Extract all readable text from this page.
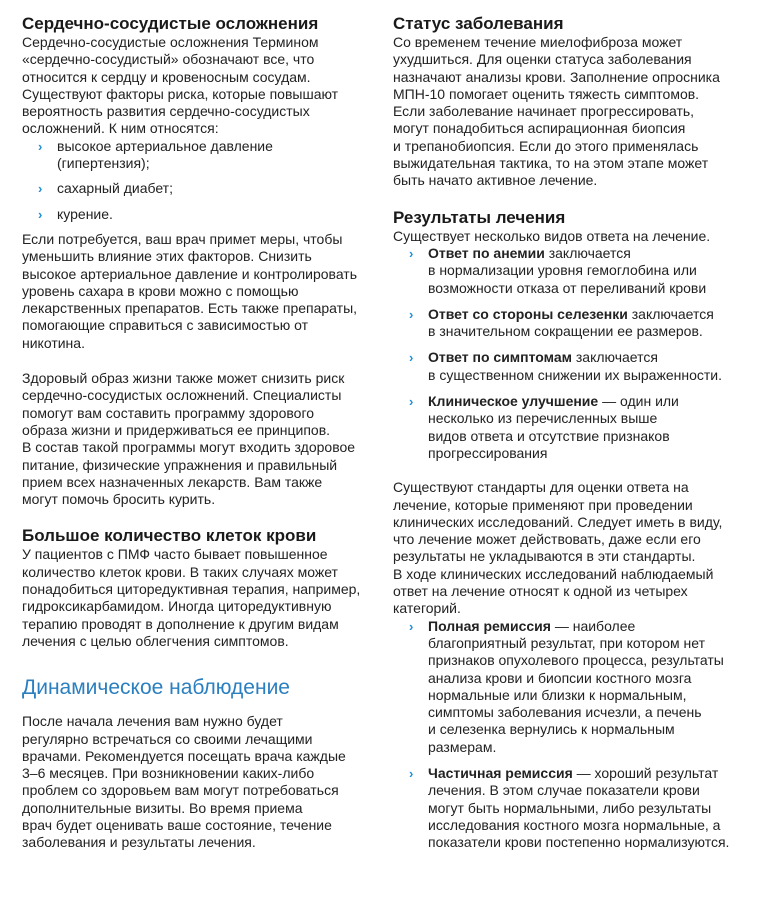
Сердечно-сосудистые осложнения

Сердечно-сосудистые осложнения Термином
«сердечно-сосудистый» обозначают все, что
относится к сердцу и кровеносным сосудам.
Существуют факторы риска, которые повышают
вероятность развития сердечно-сосудистых
осложнений. К ним относятся:

› высокое артериальное давление
(гипертензия);
› сахарный диабет;
› курение.

Если потребуется, ваш врач примет меры, чтобы
уменьшить влияние этих факторов. Снизить
высокое артериальное давление и контролировать
уровень сахара в крови можно с помощью
лекарственных препаратов. Есть также препараты,
помогающие справиться с зависимостью от
никотина.

Здоровый образ жизни также может снизить риск
сердечно-сосудистых осложнений. Специалисты
помогут вам составить программу здорового
образа жизни и придерживаться ее принципов.
В состав такой программы могут входить здоровое
питание, физические упражнения и правильный
прием всех назначенных лекарств. Вам также
могут помочь бросить курить.

Большое количество клеток крови

У пациентов с ПМФ часто бывает повышенное
количество клеток крови. В таких случаях может
понадобиться циторедуктивная терапия, например,
гидроксикарбамидом. Иногда циторедуктивную
терапию проводят в дополнение к другим видам
лечения с целью облегчения симптомов.

Динамическое наблюдение

После начала лечения вам нужно будет
регулярно встречаться со своими лечащими
врачами. Рекомендуется посещать врача каждые
3–6 месяцев. При возникновении каких-либо
проблем со здоровьем вам могут потребоваться
дополнительные визиты. Во время приема
врач будет оценивать ваше состояние, течение
заболевания и результаты лечения.

Статус заболевания

Со временем течение миелофиброза может
ухудшиться. Для оценки статуса заболевания
назначают анализы крови. Заполнение опросника
МПН-10 помогает оценить тяжесть симптомов.
Если заболевание начинает прогрессировать,
могут понадобиться аспирационная биопсия
и трепанобиопсия. Если до этого применялась
выжидательная тактика, то на этом этапе может
быть начато активное лечение.

Результаты лечения

Существует несколько видов ответа на лечение.

› Ответ по анемии заключается
в нормализации уровня гемоглобина или
возможности отказа от переливаний крови
› Ответ со стороны селезенки заключается
в значительном сокращении ее размеров.
› Ответ по симптомам заключается
в существенном снижении их выраженности.
› Клиническое улучшение — один или
несколько из перечисленных выше
видов ответа и отсутствие признаков
прогрессирования

Существуют стандарты для оценки ответа на
лечение, которые применяют при проведении
клинических исследований. Следует иметь в виду,
что лечение может действовать, даже если его
результаты не укладываются в эти стандарты.
В ходе клинических исследований наблюдаемый
ответ на лечение относят к одной из четырех
категорий.

› Полная ремиссия — наиболее
благоприятный результат, при котором нет
признаков опухолевого процесса, результаты
анализа крови и биопсии костного мозга
нормальные или близки к нормальным,
симптомы заболевания исчезли, а печень
и селезенка вернулись к нормальным
размерам.
› Частичная ремиссия — хороший результат
лечения. В этом случае показатели крови
могут быть нормальными, либо результаты
исследования костного мозга нормальные, а
показатели крови постепенно нормализуются.
